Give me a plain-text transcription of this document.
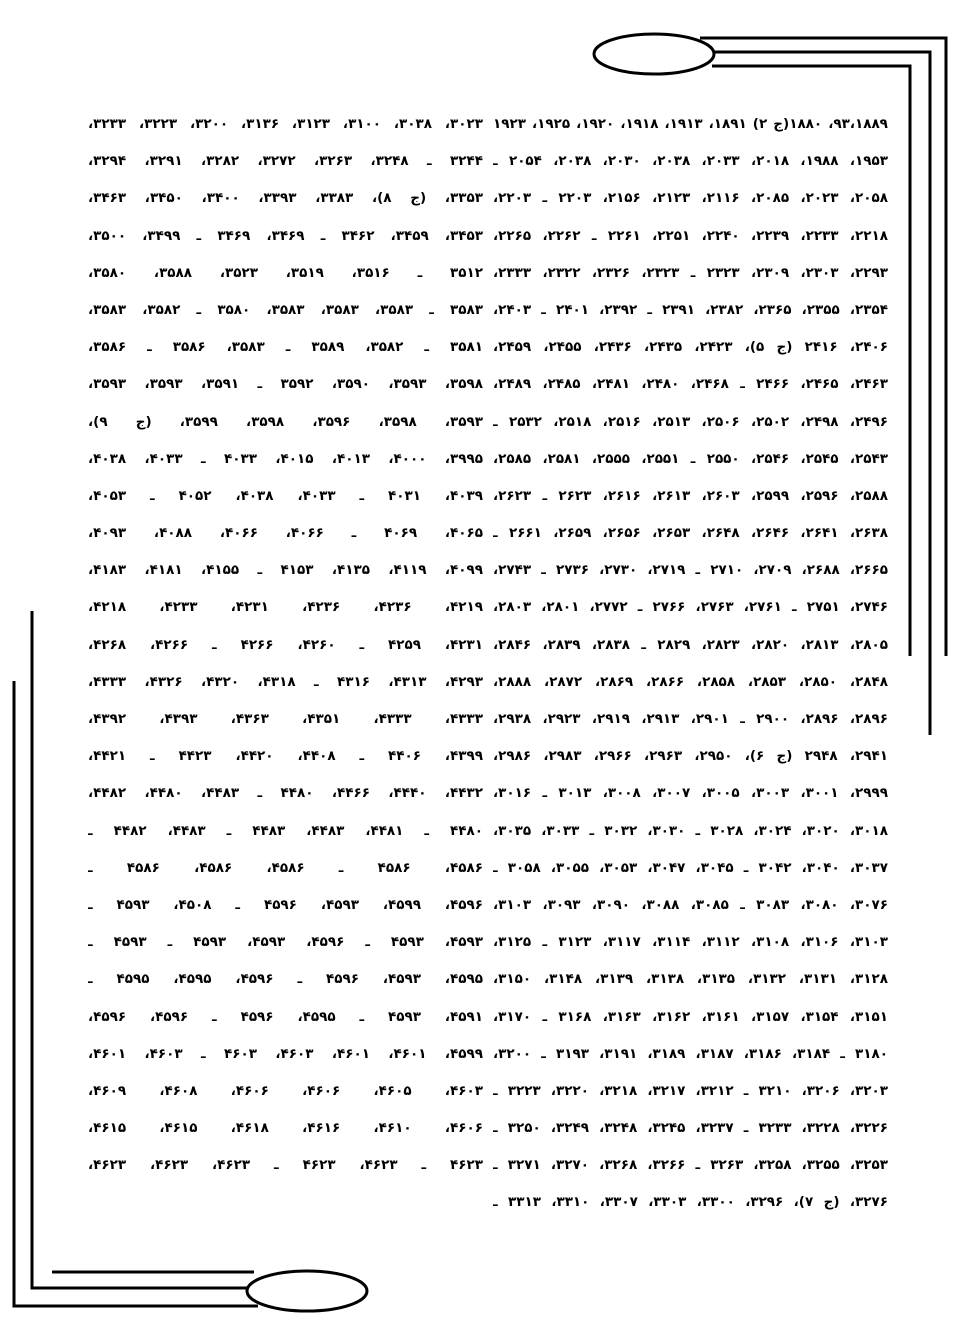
۹۳،۱۸۸۹، ۱۸۸۰(ج ۲) ۱۸۹۱، ۱۹۱۳، ۱۹۱۸، ۱۹۲۰، ۱۹۲۵، ۱۹۲۳
۱۹۵۳، ۱۹۸۸، ۲۰۱۸، ۲۰۳۳، ۲۰۳۸، ۲۰۳۰، ۲۰۳۸، ۲۰۵۴ ـ
۲۰۵۸، ۲۰۲۳، ۲۰۸۵، ۲۱۱۶، ۲۱۲۳، ۲۱۵۶، ۲۲۰۳ ـ ۲۲۰۳،
۲۲۱۸، ۲۲۳۳، ۲۲۳۹، ۲۲۴۰، ۲۲۵۱، ۲۲۶۱ ـ ۲۲۶۲، ۲۲۶۵،
۲۲۹۳، ۲۳۰۳، ۲۳۰۹، ۲۳۲۳ ـ ۲۳۲۳، ۲۳۲۶، ۲۳۲۲، ۲۳۳۳،
۲۳۵۴، ۲۳۵۵، ۲۳۶۵، ۲۳۸۲، ۲۳۹۱ ـ ۲۳۹۲، ۲۴۰۱ ـ ۲۴۰۳،
۲۴۰۶، ۲۴۱۶ (ج ۵)، ۲۴۲۳، ۲۴۳۵، ۲۴۳۶، ۲۴۵۵، ۲۴۵۹،
۲۴۶۳، ۲۴۶۵، ۲۴۶۶ ـ ۲۴۶۸، ۲۴۸۰، ۲۴۸۱، ۲۴۸۵، ۲۴۸۹،
۲۴۹۶، ۲۴۹۸، ۲۵۰۲، ۲۵۰۶، ۲۵۱۳، ۲۵۱۶، ۲۵۱۸، ۲۵۳۲ ـ
۲۵۴۳، ۲۵۴۵، ۲۵۴۶، ۲۵۵۰ ـ ۲۵۵۱، ۲۵۵۵، ۲۵۸۱، ۲۵۸۵،
۲۵۸۸، ۲۵۹۶، ۲۵۹۹، ۲۶۰۳، ۲۶۱۳، ۲۶۱۶، ۲۶۲۳ ـ ۲۶۲۳،
۲۶۳۸، ۲۶۴۱، ۲۶۴۶، ۲۶۴۸، ۲۶۵۳، ۲۶۵۶، ۲۶۵۹، ۲۶۶۱ ـ
۲۶۶۵، ۲۶۸۸، ۲۷۰۹، ۲۷۱۰ ـ ۲۷۱۹، ۲۷۳۰، ۲۷۳۶ ـ ۲۷۴۳،
۲۷۴۶، ۲۷۵۱ ـ ۲۷۶۱، ۲۷۶۳، ۲۷۶۶ ـ ۲۷۷۲، ۲۸۰۱، ۲۸۰۳،
۲۸۰۵، ۲۸۱۳، ۲۸۲۰، ۲۸۲۳، ۲۸۲۹ ـ ۲۸۳۸، ۲۸۳۹، ۲۸۴۶،
۲۸۴۸، ۲۸۵۰، ۲۸۵۳، ۲۸۵۸، ۲۸۶۶، ۲۸۶۹، ۲۸۷۲، ۲۸۸۸،
۲۸۹۶، ۲۸۹۶، ۲۹۰۰ ـ ۲۹۰۱، ۲۹۱۳، ۲۹۱۹، ۲۹۲۳، ۲۹۳۸،
۲۹۴۱، ۲۹۴۸ (ج ۶)، ۲۹۵۰، ۲۹۶۳، ۲۹۶۶، ۲۹۸۳، ۲۹۸۶،
۲۹۹۹، ۳۰۰۱، ۳۰۰۳، ۳۰۰۵، ۳۰۰۷، ۳۰۰۸، ۳۰۱۳ ـ ۳۰۱۶،
۳۰۱۸، ۳۰۲۰، ۳۰۲۴، ۳۰۲۸ ـ ۳۰۳۰، ۳۰۳۲ ـ ۳۰۳۳، ۳۰۳۵،
۳۰۳۷، ۳۰۴۰، ۳۰۴۲ ـ ۳۰۴۵، ۳۰۴۷، ۳۰۵۳، ۳۰۵۵، ۳۰۵۸ ـ
۳۰۷۶، ۳۰۸۰، ۳۰۸۳ ـ ۳۰۸۵، ۳۰۸۸، ۳۰۹۰، ۳۰۹۳، ۳۱۰۳،
۳۱۰۳، ۳۱۰۶، ۳۱۰۸، ۳۱۱۲، ۳۱۱۴، ۳۱۱۷، ۳۱۲۳ ـ ۳۱۲۵،
۳۱۲۸، ۳۱۳۱، ۳۱۳۲، ۳۱۳۵، ۳۱۳۸، ۳۱۳۹، ۳۱۴۸، ۳۱۵۰،
۳۱۵۱، ۳۱۵۴، ۳۱۵۷، ۳۱۶۱، ۳۱۶۲، ۳۱۶۳، ۳۱۶۸ ـ ۳۱۷۰،
۳۱۸۰ ـ ۳۱۸۴، ۳۱۸۶، ۳۱۸۷، ۳۱۸۹، ۳۱۹۱، ۳۱۹۳ ـ ۳۲۰۰،
۳۲۰۳، ۳۲۰۶، ۳۲۱۰ ـ ۳۲۱۲، ۳۲۱۷، ۳۲۱۸، ۳۲۲۰، ۳۲۲۳ ـ
۳۲۲۶، ۳۲۲۸، ۳۲۳۳ ـ ۳۲۳۷، ۳۲۴۵، ۳۲۴۸، ۳۲۴۹، ۳۲۵۰ ـ
۳۲۵۳، ۳۲۵۵، ۳۲۵۸، ۳۲۶۳ ـ ۳۲۶۶، ۳۲۶۸، ۳۲۷۰، ۳۲۷۱ ـ
۳۲۷۶، (ج ۷)، ۳۲۹۶، ۳۳۰۰، ۳۳۰۳، ۳۳۰۷، ۳۳۱۰، ۳۳۱۳ ـ
۳۰۲۳، ۳۰۳۸، ۳۱۰۰، ۳۱۲۳، ۳۱۳۶، ۳۲۰۰، ۳۲۲۳، ۳۲۳۳،
۳۲۴۴ ـ ۳۲۴۸، ۳۲۶۳، ۳۲۷۲، ۳۲۸۲، ۳۲۹۱، ۳۲۹۴،
۳۳۵۳، (ج ۸)، ۳۳۸۳، ۳۳۹۳، ۳۴۰۰، ۳۴۵۰، ۳۴۶۳،
۳۴۵۳، ۳۴۵۹، ۳۴۶۲ ـ ۳۴۶۹، ۳۴۶۹ ـ ۳۴۹۹، ۳۵۰۰،
۳۵۱۲ ـ ۳۵۱۶، ۳۵۱۹، ۳۵۲۳، ۳۵۸۸، ۳۵۸۰،
۳۵۸۳ ـ ۳۵۸۳، ۳۵۸۳، ۳۵۸۳، ۳۵۸۰ ـ ۳۵۸۲، ۳۵۸۳،
۳۵۸۱ ـ ۳۵۸۲، ۳۵۸۹ ـ ۳۵۸۳، ۳۵۸۶ ـ ۳۵۸۶،
۳۵۹۸، ۳۵۹۳، ۳۵۹۰، ۳۵۹۲ ـ ۳۵۹۱، ۳۵۹۳، ۳۵۹۳،
۳۵۹۳، ۳۵۹۸، ۳۵۹۶، ۳۵۹۸، ۳۵۹۹، (ج ۹)،
۳۹۹۵، ۴۰۰۰، ۴۰۱۳، ۴۰۱۵، ۴۰۳۳ ـ ۴۰۳۳، ۴۰۳۸،
۴۰۳۹، ۴۰۳۱ ـ ۴۰۳۳، ۴۰۳۸، ۴۰۵۲ ـ ۴۰۵۳،
۴۰۶۵، ۴۰۶۹ ـ ۴۰۶۶، ۴۰۶۶، ۴۰۸۸، ۴۰۹۳،
۴۰۹۹، ۴۱۱۹، ۴۱۳۵، ۴۱۵۳ ـ ۴۱۵۵، ۴۱۸۱، ۴۱۸۳،
۴۲۱۹، ۴۲۳۶، ۴۲۳۶، ۴۲۳۱، ۴۲۳۳، ۴۲۱۸،
۴۲۳۱، ۴۲۵۹ ـ ۴۲۶۰، ۴۲۶۶ ـ ۴۲۶۶، ۴۲۶۸،
۴۲۹۳، ۴۳۱۳، ۴۳۱۶ ـ ۴۳۱۸، ۴۳۲۰، ۴۳۲۶، ۴۳۳۳،
۴۳۳۳، ۴۳۳۳، ۴۳۵۱، ۴۳۶۳، ۴۳۹۳، ۴۳۹۲،
۴۳۹۹، ۴۴۰۶ ـ ۴۴۰۸، ۴۴۲۰، ۴۴۲۳ ـ ۴۴۲۱،
۴۴۳۲، ۴۴۴۰، ۴۴۶۶، ۴۴۸۰ ـ ۴۴۸۳، ۴۴۸۰، ۴۴۸۲،
۴۴۸۰ ـ ۴۴۸۱، ۴۴۸۳، ۴۴۸۳ ـ ۴۴۸۳، ۴۴۸۲ ـ
۴۵۸۶، ۴۵۸۶ ـ ۴۵۸۶، ۴۵۸۶، ۴۵۸۶ ـ
۴۵۹۶، ۴۵۹۹، ۴۵۹۳، ۴۵۹۶ ـ ۴۵۰۸، ۴۵۹۳ ـ
۴۵۹۳، ۴۵۹۳ ـ ۴۵۹۶، ۴۵۹۳، ۴۵۹۳ ـ ۴۵۹۳ ـ
۴۵۹۵، ۴۵۹۳، ۴۵۹۶ ـ ۴۵۹۶، ۴۵۹۵، ۴۵۹۵ ـ
۴۵۹۱، ۴۵۹۳ ـ ۴۵۹۵، ۴۵۹۶ ـ ۴۵۹۶، ۴۵۹۶،
۴۵۹۹، ۴۶۰۱، ۴۶۰۱، ۴۶۰۳، ۴۶۰۳ ـ ۴۶۰۳، ۴۶۰۱،
۴۶۰۳، ۴۶۰۵، ۴۶۰۶، ۴۶۰۶، ۴۶۰۸، ۴۶۰۹،
۴۶۰۶، ۴۶۱۰، ۴۶۱۶، ۴۶۱۸، ۴۶۱۵، ۴۶۱۵،
۴۶۲۳ ـ ۴۶۲۳، ۴۶۲۳ ـ ۴۶۲۳، ۴۶۲۳، ۴۶۲۳،
